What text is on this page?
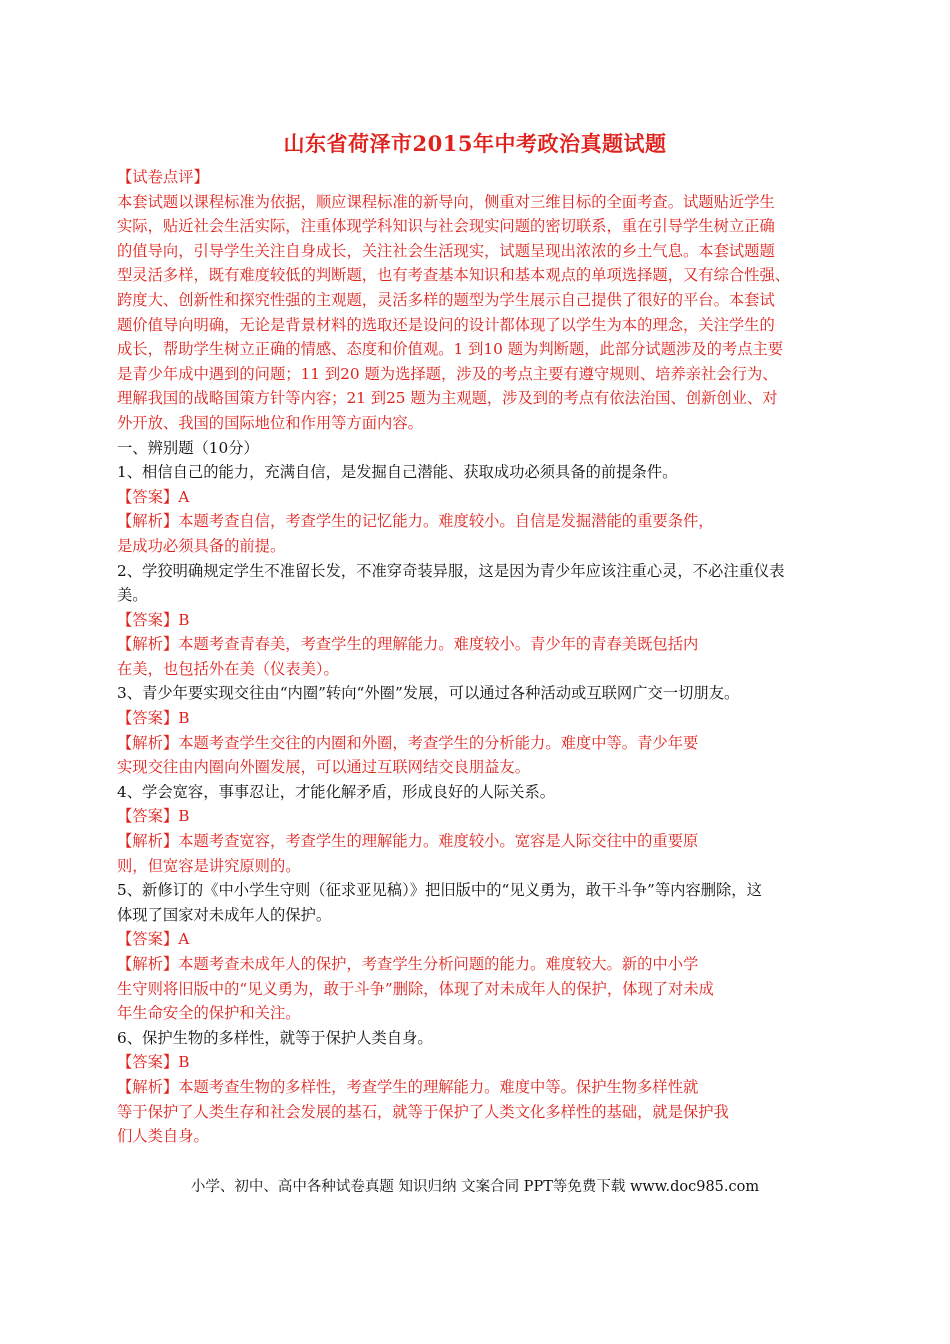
山东省荷泽市2015年中考政治真题试题
【试卷点评】
本套试题以课程标准为依据，顺应课程标准的新导向，侧重对三维目标的全面考查。试题贴近学生
实际，贴近社会生活实际，注重体现学科知识与社会现实问题的密切联系，重在引导学生树立正确
的值导向，引导学生关注自身成长，关注社会生活现实，试题呈现出浓浓的乡土气息。本套试题题
型灵活多样，既有难度较低的判断题，也有考查基本知识和基本观点的单项选择题，又有综合性强、
跨度大、创新性和探究性强的主观题，灵活多样的题型为学生展示自己提供了很好的平台。本套试
题价值导向明确，无论是背景材料的选取还是设问的设计都体现了以学生为本的理念，关注学生的
成长，帮助学生树立正确的情感、态度和价值观。1 到10 题为判断题，此部分试题涉及的考点主要
是青少年成中遇到的问题；11 到20 题为选择题，涉及的考点主要有遵守规则、培养亲社会行为、
理解我国的战略国策方针等内容；21 到25 题为主观题，涉及到的考点有依法治国、创新创业、对
外开放、我国的国际地位和作用等方面内容。
一、辨别题（10分）
1、相信自己的能力，充满自信，是发掘自己潜能、获取成功必须具备的前提条件。
【答案】A
【解析】本题考查自信，考查学生的记忆能力。难度较小。自信是发掘潜能的重要条件，
是成功必须具备的前提。
2、学狡明确规定学生不准留长发，不准穿奇装异服，这是因为青少年应该注重心灵，不必注重仪表
美。
【答案】B
【解析】本题考查青春美，考查学生的理解能力。难度较小。青少年的青春美既包括内
在美，也包括外在美（仪表美）。
3、青少年要实现交往由“内圈”转向“外圈”发展，可以通过各种活动或互联网广交一切朋友。
【答案】B
【解析】本题考查学生交往的内圈和外圈，考查学生的分析能力。难度中等。青少年要
实现交往由内圈向外圈发展，可以通过互联网结交良朋益友。
4、学会宽容，事事忍让，才能化解矛盾，形成良好的人际关系。
【答案】B
【解析】本题考查宽容，考查学生的理解能力。难度较小。宽容是人际交往中的重要原
则，但宽容是讲究原则的。
5、新修订的《中小学生守则（征求亚见稿）》把旧版中的“见义勇为，敢干斗争”等内容删除，这
体现了国家对未成年人的保护。
【答案】A
【解析】本题考查未成年人的保护，考查学生分析问题的能力。难度较大。新的中小学
生守则将旧版中的“见义勇为，敢于斗争”删除，体现了对未成年人的保护，体现了对未成
年生命安全的保护和关注。
6、保护生物的多样性，就等于保护人类自身。
【答案】B
【解析】本题考查生物的多样性，考查学生的理解能力。难度中等。保护生物多样性就
等于保护了人类生存和社会发展的基石，就等于保护了人类文化多样性的基础，就是保护我
们人类自身。
小学、初中、高中各种试卷真题 知识归纳 文案合同 PPT等免费下载 www.doc985.com
